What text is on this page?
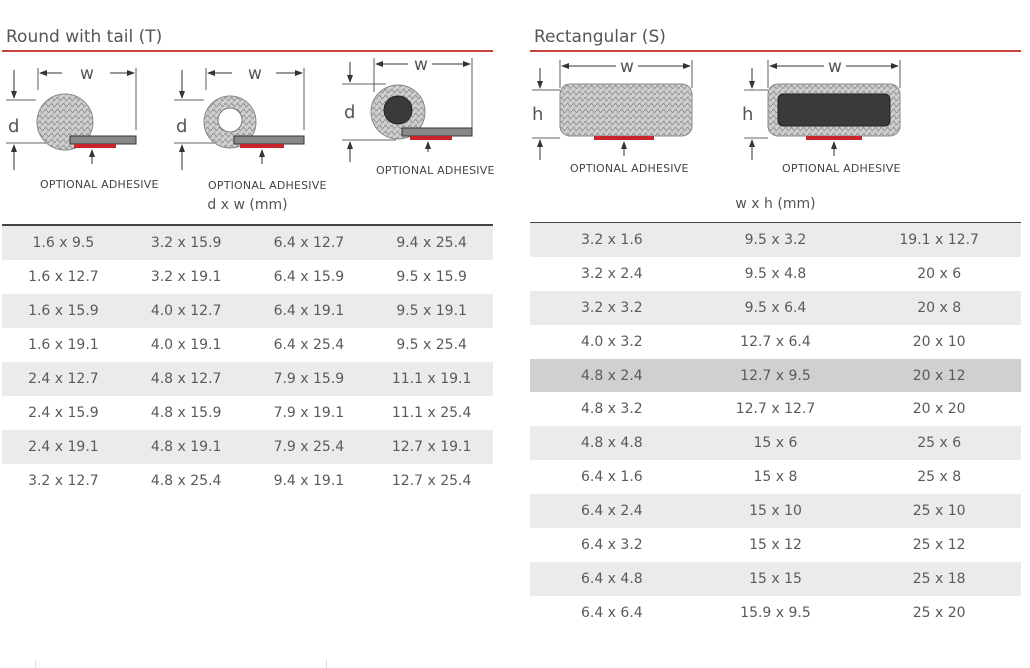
Round with tail (T)
d
w
OPTIONAL ADHESIVE
d
w
OPTIONAL ADHESIVE
d
w
OPTIONAL ADHESIVE
d x w (mm)
1.6 x 9.5	3.2 x 15.9	6.4 x 12.7	9.4 x 25.4
1.6 x 12.7	3.2 x 19.1	6.4 x 15.9	9.5 x 15.9
1.6 x 15.9	4.0 x 12.7	6.4 x 19.1	9.5 x 19.1
1.6 x 19.1	4.0 x 19.1	6.4 x 25.4	9.5 x 25.4
2.4 x 12.7	4.8 x 12.7	7.9 x 15.9	11.1 x 19.1
2.4 x 15.9	4.8 x 15.9	7.9 x 19.1	11.1 x 25.4
2.4 x 19.1	4.8 x 19.1	7.9 x 25.4	12.7 x 19.1
3.2 x 12.7	4.8 x 25.4	9.4 x 19.1	12.7 x 25.4
Rectangular (S)
h
w
OPTIONAL ADHESIVE
h
w
OPTIONAL ADHESIVE
w x h (mm)
3.2 x 1.6	9.5 x 3.2	19.1 x 12.7
3.2 x 2.4	9.5 x 4.8	20 x 6
3.2 x 3.2	9.5 x 6.4	20 x 8
4.0 x 3.2	12.7 x 6.4	20 x 10
4.8 x 2.4	12.7 x 9.5	20 x 12
4.8 x 3.2	12.7 x 12.7	20 x 20
4.8 x 4.8	15 x 6	25 x 6
6.4 x 1.6	15 x 8	25 x 8
6.4 x 2.4	15 x 10	25 x 10
6.4 x 3.2	15 x 12	25 x 12
6.4 x 4.8	15 x 15	25 x 18
6.4 x 6.4	15.9 x 9.5	25 x 20
